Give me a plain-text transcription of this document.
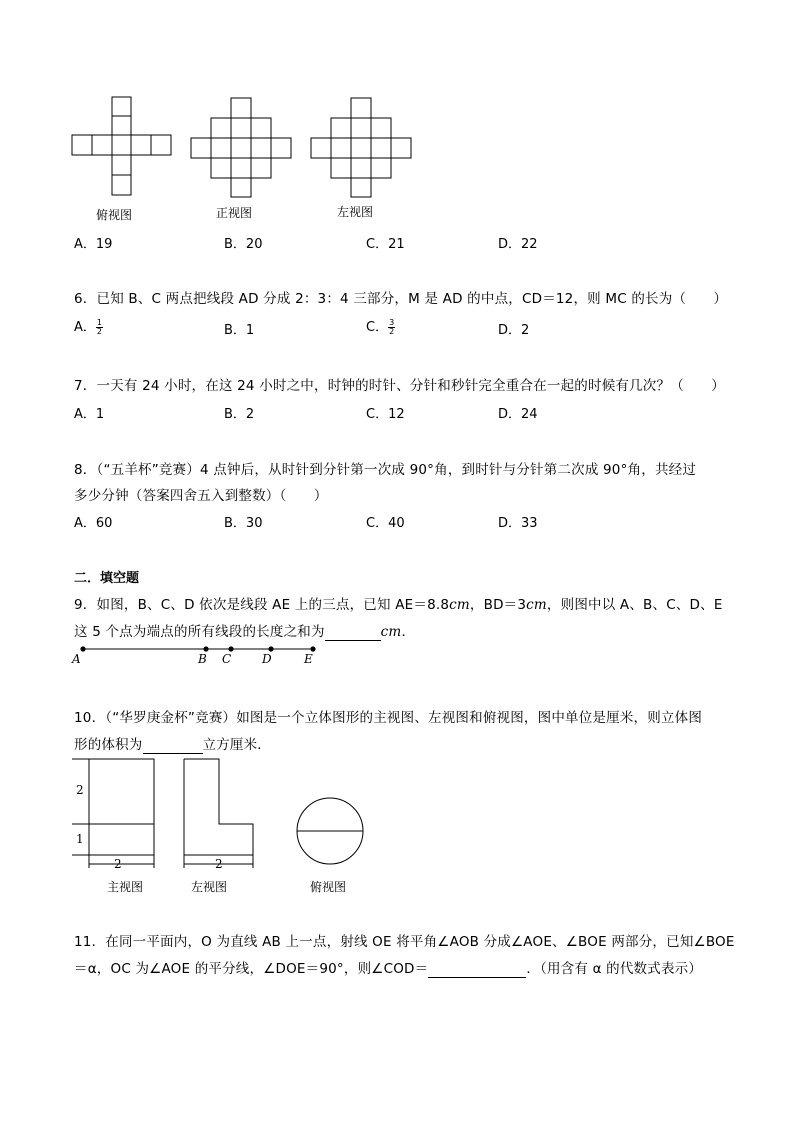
俯视图	正视图	左视图
A．19	B．20	C．21	D．22
6．已知 B、C 两点把线段 AD 分成 2：3：4 三部分，M 是 AD 的中点，CD＝12，则 MC 的长为（　　）
A． $\frac{1}{2}$	B．1	C． $\frac{3}{2}$	D．2
7．一天有 24 小时，在这 24 小时之中，时钟的时针、分针和秒针完全重合在一起的时候有几次？（　　）
A．1	B．2	C．12	D．24
8．（“五羊杯”竞赛）4 点钟后，从时针到分针第一次成 90°角，到时针与分针第二次成 90°角，共经过
多少分钟（答案四舍五入到整数）（　　）
A．60	B．30	C．40	D．33
二．填空题
9．如图，B、C、D 依次是线段 AE 上的三点，已知 AE＝8.8cm，BD＝3cm，则图中以 A、B、C、D、E
这 5 个点为端点的所有线段的长度之和为	cm．
A	B C	D	E
10．（“华罗庚金杯”竞赛）如图是一个立体图形的主视图、左视图和俯视图，图中单位是厘米，则立体图
形的体积为	立方厘米．
2
1
2	2
主视图	左视图	俯视图
11．在同一平面内，O 为直线 AB 上一点，射线 OE 将平角∠AOB 分成∠AOE、∠BOE 两部分，已知∠BOE
＝α，OC 为∠AOE 的平分线，∠DOE＝90°，则∠COD＝	．（用含有 α 的代数式表示）
